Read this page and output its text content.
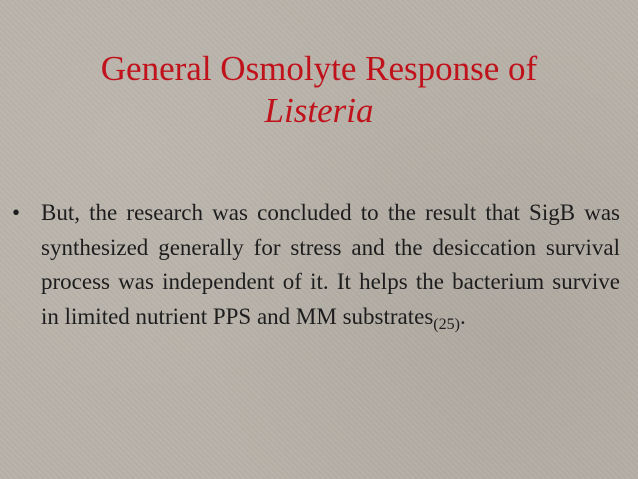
General Osmolyte Response of
Listeria
• But, the research was concluded to the result that SigB was synthesized generally for stress and the desiccation survival process was independent of it. It helps the bacterium survive in limited nutrient PPS and MM substrates$_{(25)}$.
